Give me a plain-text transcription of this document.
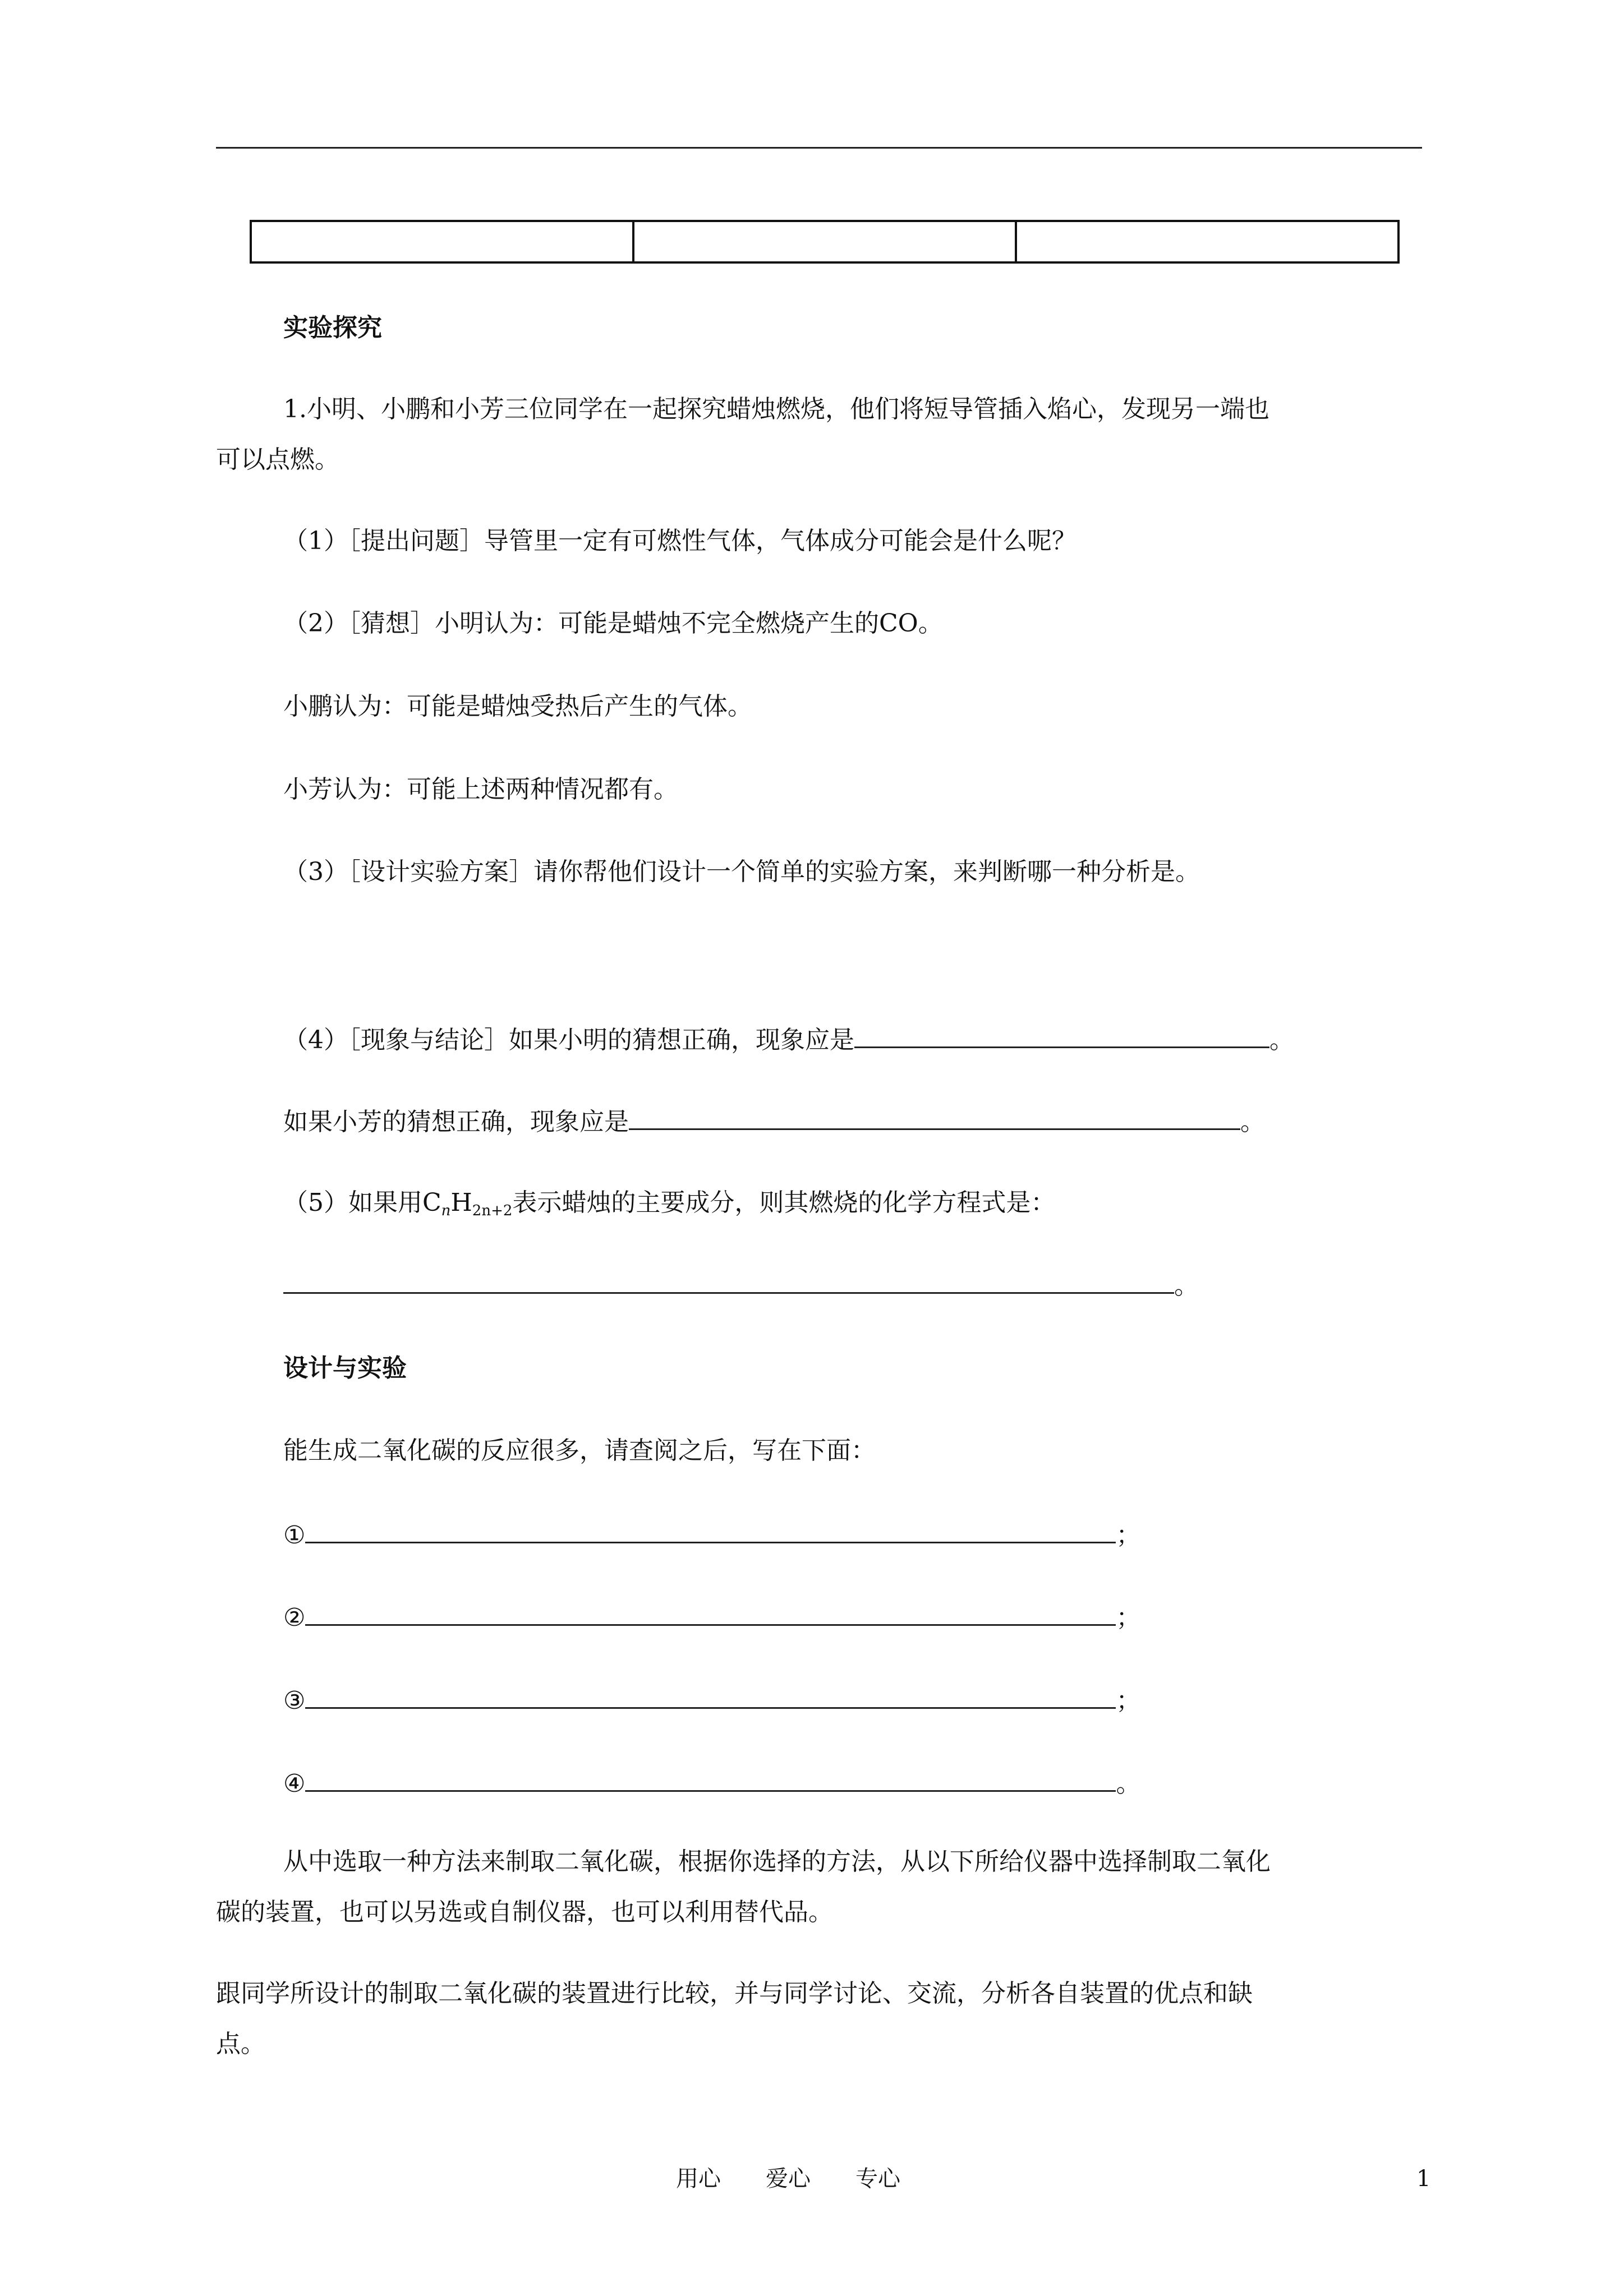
实验探究
1.小明、小鹏和小芳三位同学在一起探究蜡烛燃烧，他们将短导管插入焰心，发现另一端也
可以点燃。
（1）［提出问题］导管里一定有可燃性气体，气体成分可能会是什么呢？
（2）［猜想］小明认为：可能是蜡烛不完全燃烧产生的CO。
小鹏认为：可能是蜡烛受热后产生的气体。
小芳认为：可能上述两种情况都有。
（3）［设计实验方案］请你帮他们设计一个简单的实验方案，来判断哪一种分析是。
（4）［现象与结论］如果小明的猜想正确，现象应是	。
如果小芳的猜想正确，现象应是	。
（5）如果用$C_nH_{2n+2}$表示蜡烛的主要成分，则其燃烧的化学方程式是：
。
设计与实验
能生成二氧化碳的反应很多，请查阅之后，写在下面：
①	；
②	；
③	；
④	。
从中选取一种方法来制取二氧化碳，根据你选择的方法，从以下所给仪器中选择制取二氧化
碳的装置，也可以另选或自制仪器，也可以利用替代品。
跟同学所设计的制取二氧化碳的装置进行比较，并与同学讨论、交流，分析各自装置的优点和缺
点。
用心　　爱心　　专心	1
